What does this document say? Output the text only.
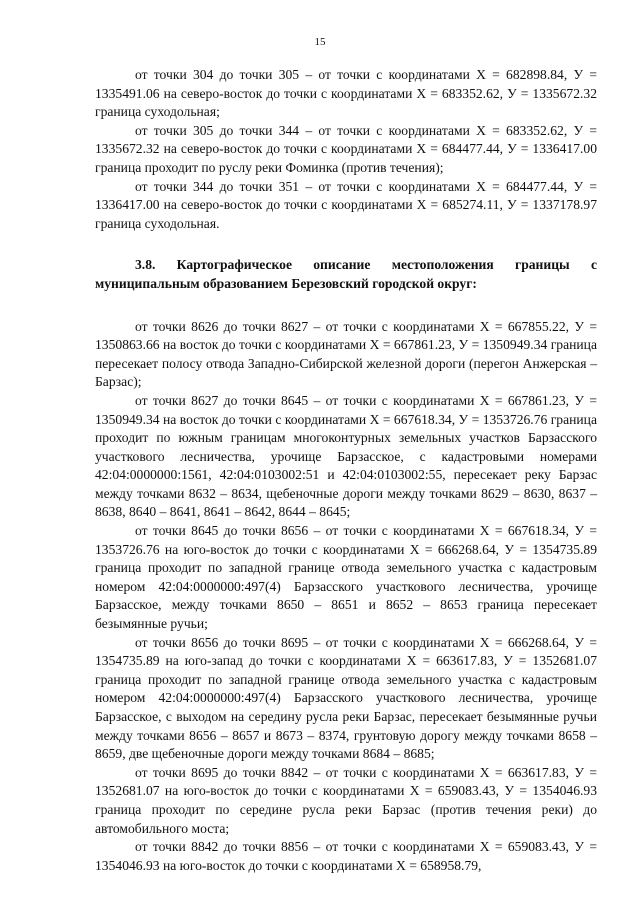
15

от точки 304 до точки 305 – от точки с координатами Х = 682898.84, У = 1335491.06 на северо-восток до точки с координатами Х = 683352.62, У = 1335672.32 граница суходольная;

от точки 305 до точки 344 – от точки с координатами Х = 683352.62, У = 1335672.32 на северо-восток до точки с координатами Х = 684477.44, У = 1336417.00 граница проходит по руслу реки Фоминка (против течения);

от точки 344 до точки 351 – от точки с координатами Х = 684477.44, У = 1336417.00 на северо-восток до точки с координатами Х = 685274.11, У = 1337178.97 граница суходольная.

3.8. Картографическое описание местоположения границы с муниципальным образованием Березовский городской округ:

от точки 8626 до точки 8627 – от точки с координатами Х = 667855.22, У = 1350863.66 на восток до точки с координатами Х = 667861.23, У = 1350949.34 граница пересекает полосу отвода Западно-Сибирской железной дороги (перегон Анжерская – Барзас);

от точки 8627 до точки 8645 – от точки с координатами Х = 667861.23, У = 1350949.34 на восток до точки с координатами Х = 667618.34, У = 1353726.76 граница проходит по южным границам многоконтурных земельных участков Барзасского участкового лесничества, урочище Барзасское, с кадастровыми номерами 42:04:0000000:1561, 42:04:0103002:51 и 42:04:0103002:55, пересекает реку Барзас между точками 8632 – 8634, щебеночные дороги между точками 8629 – 8630, 8637 – 8638, 8640 – 8641, 8641 – 8642, 8644 – 8645;

от точки 8645 до точки 8656 – от точки с координатами Х = 667618.34, У = 1353726.76 на юго-восток до точки с координатами Х = 666268.64, У = 1354735.89 граница проходит по западной границе отвода земельного участка с кадастровым номером 42:04:0000000:497(4) Барзасского участкового лесничества, урочище Барзасское, между точками 8650 – 8651 и 8652 – 8653 граница пересекает безымянные ручьи;

от точки 8656 до точки 8695 – от точки с координатами Х = 666268.64, У = 1354735.89 на юго-запад до точки с координатами Х = 663617.83, У = 1352681.07 граница проходит по западной границе отвода земельного участка с кадастровым номером 42:04:0000000:497(4) Барзасского участкового лесничества, урочище Барзасское, с выходом на середину русла реки Барзас, пересекает безымянные ручьи между точками 8656 – 8657 и 8673 – 8374, грунтовую дорогу между точками 8658 – 8659, две щебеночные дороги между точками 8684 – 8685;

от точки 8695 до точки 8842 – от точки с координатами Х = 663617.83, У = 1352681.07 на юго-восток до точки с координатами Х = 659083.43, У = 1354046.93 граница проходит по середине русла реки Барзас (против течения реки) до автомобильного моста;

от точки 8842 до точки 8856 – от точки с координатами Х = 659083.43, У = 1354046.93 на юго-восток до точки с координатами Х = 658958.79,
